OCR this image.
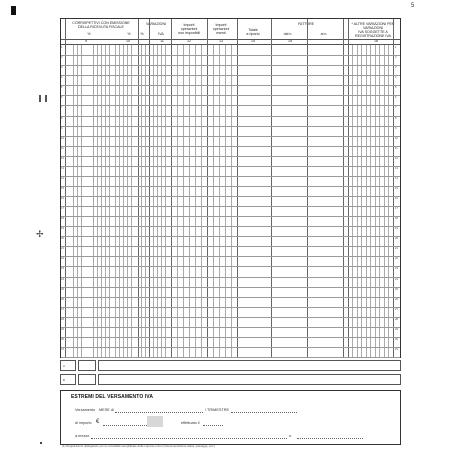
5
✢
CORRISPETTIVI CON EMISSIONE
DELLA RICEVUTA FISCALE
%	%
VARIAZIONI
%	IVA
Importi
operazioni
non imponibili
Importi
operazioni
esenti
Totale
a riporto
FATTURE
dal n.	al n.
* ALTRE VARIAZIONI PER VARIAZIONI
IVA SOGGETTE A REGISTRAZIONE IVA
9	10	11	12	13	14	15	16
1	1
2	2
3	3
4	4
5	5
6	6
7	7
8	8
9	9
10	10
11	11
12	12
13	13
14	14
15	15
16	16
17	17
18	18
19	19
20	20
21	21
22	22
23	23
24	24
25	25
26	26
27	27
28	28
29	29
30	30
31	31
A
B
ESTREMI DEL VERSAMENTO IVA
Versamento MESE di	/ TRIMESTRE
di importo €	effettuato il
a mezzo	n.
(1) Registrazioni obbligatorie per le contabilità semplificate delle imprese minori (documentazione attiva, passaggi, ecc.)
